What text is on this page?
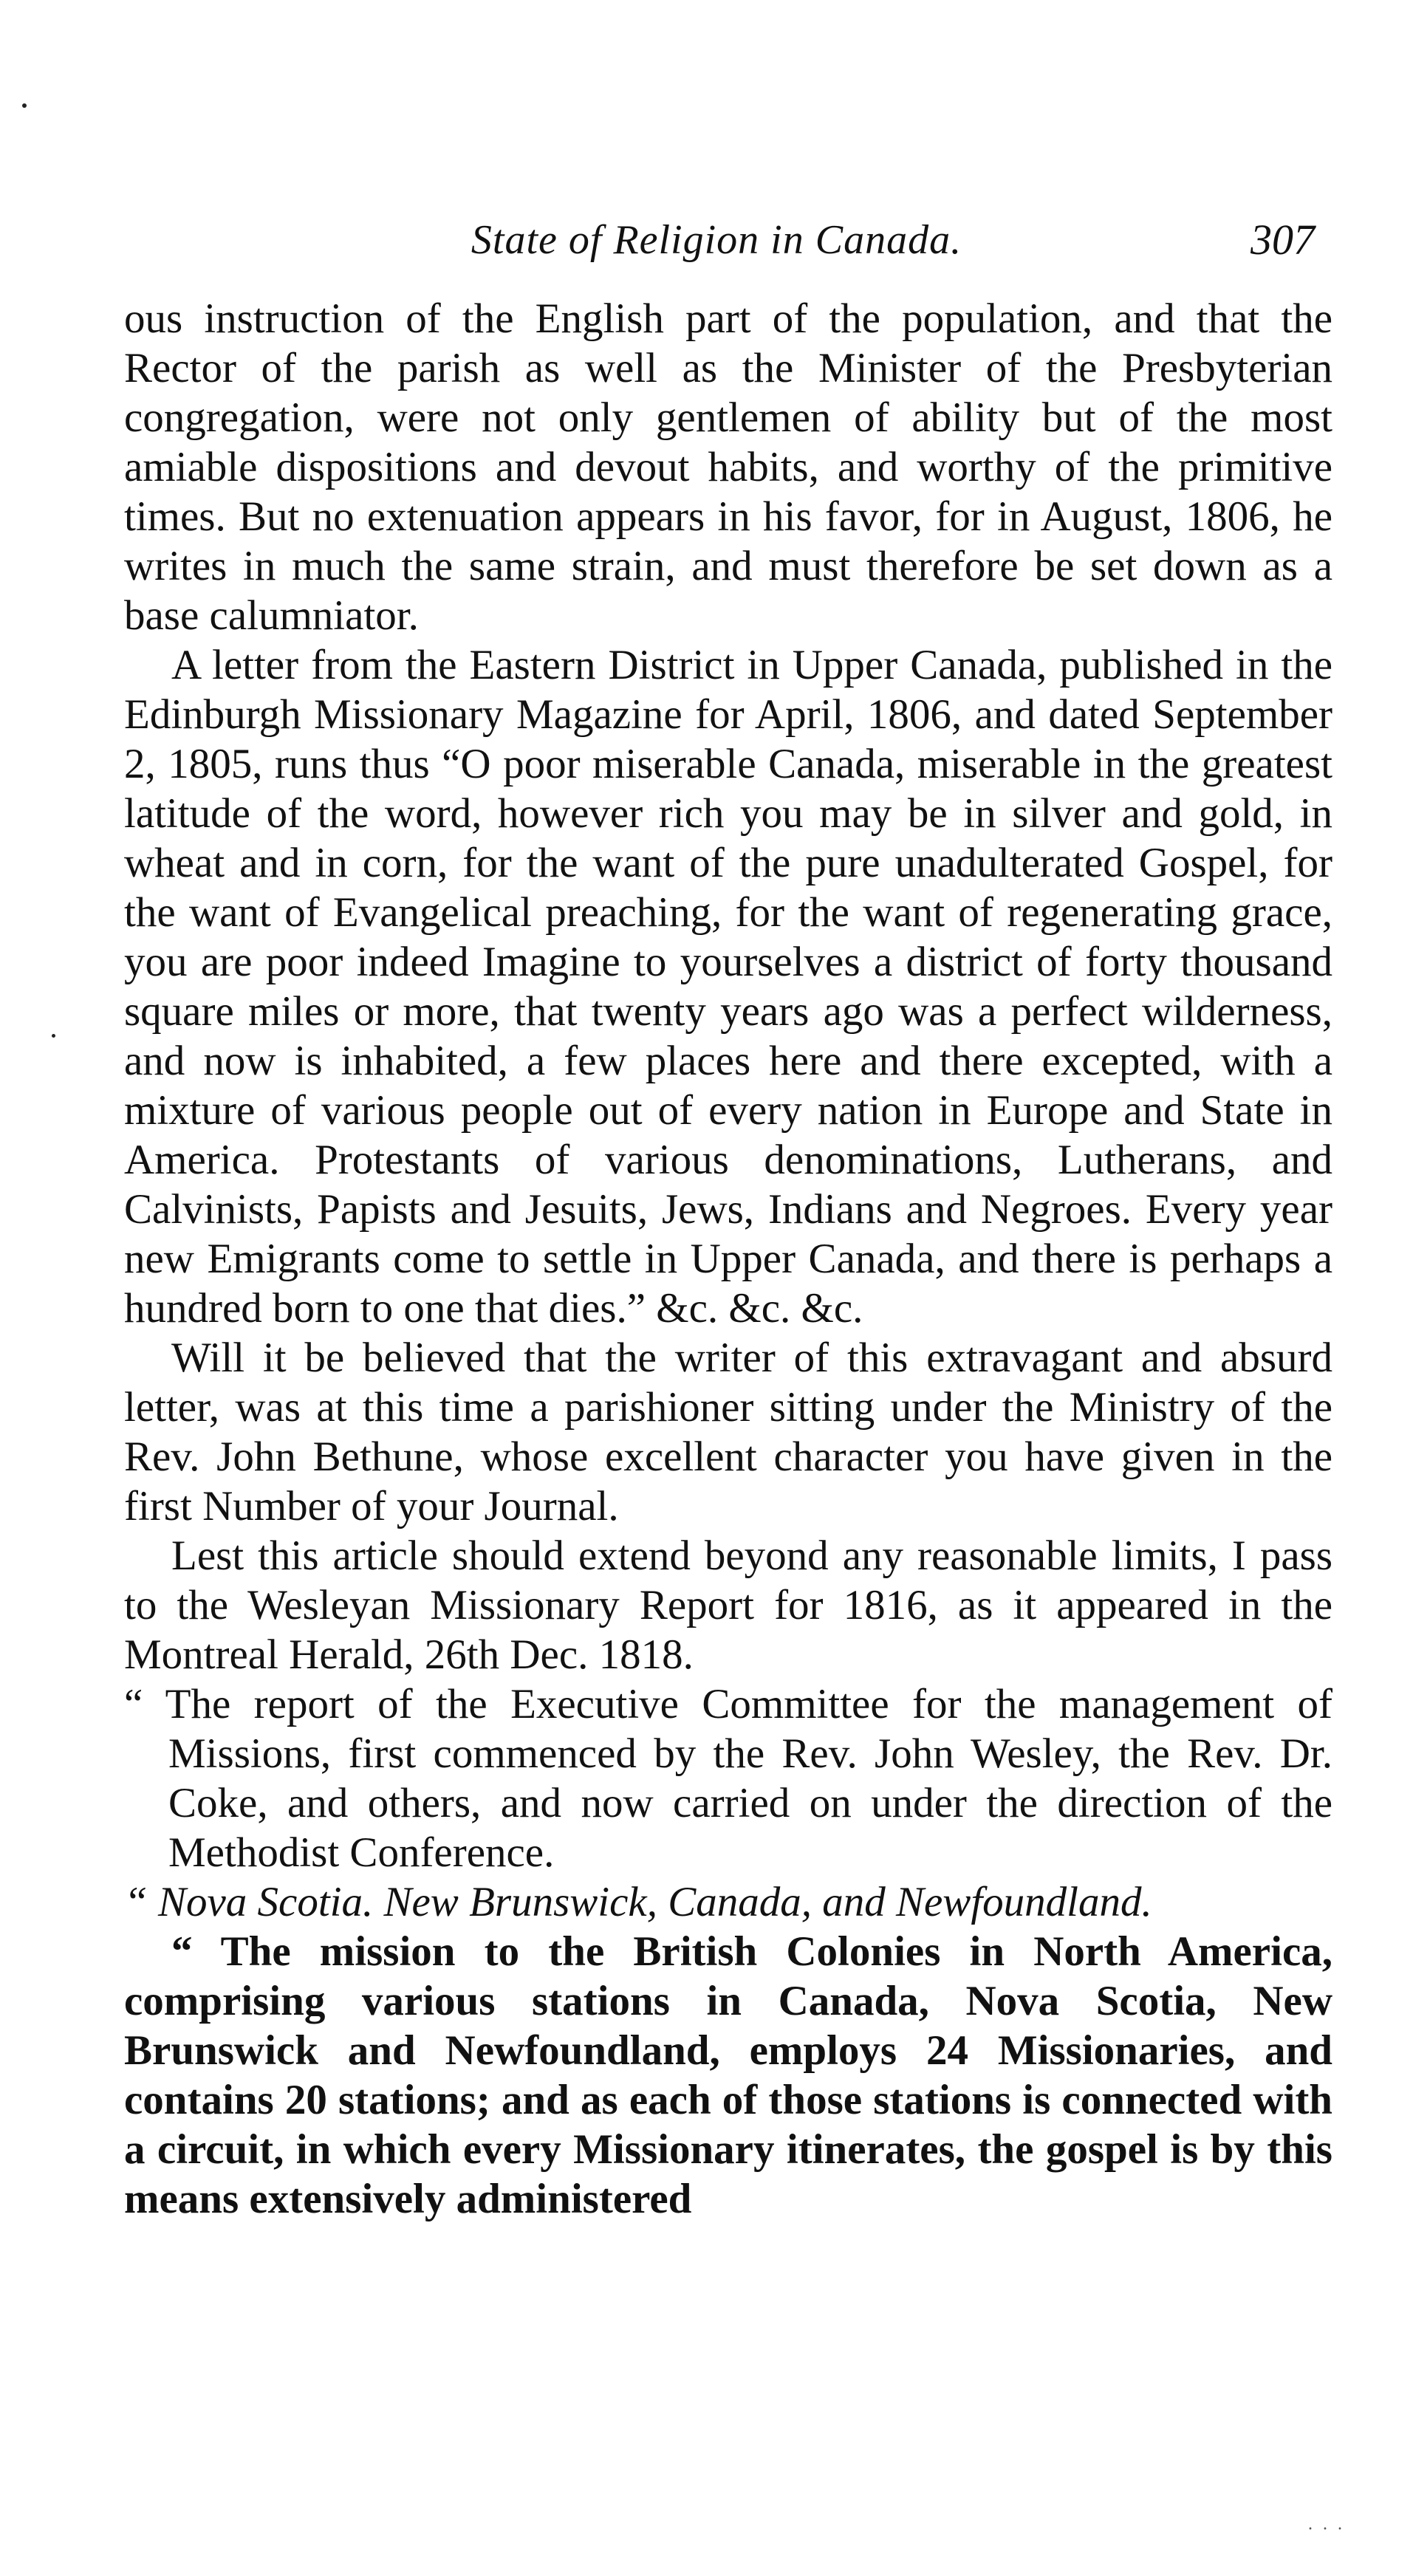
State of Religion in Canada.	307

ous instruction of the English part of the population, and that the Rector of the parish as well as the Minister of the Presbyterian congregation, were not only gentlemen of ability but of the most amiable dispositions and devout habits, and worthy of the primitive times. But no extenuation appears in his favor, for in August, 1806, he writes in much the same strain, and must therefore be set down as a base calumniator.

A letter from the Eastern District in Upper Canada, published in the Edinburgh Missionary Magazine for April, 1806, and dated September 2, 1805, runs thus “O poor miserable Canada, miserable in the greatest latitude of the word, however rich you may be in silver and gold, in wheat and in corn, for the want of the pure unadulterated Gospel, for the want of Evangelical preaching, for the want of regenerating grace, you are poor indeed Imagine to yourselves a district of forty thousand square miles or more, that twenty years ago was a perfect wilderness, and now is inhabited, a few places here and there excepted, with a mixture of various people out of every nation in Europe and State in America. Protestants of various denominations, Lutherans, and Calvinists, Papists and Jesuits, Jews, Indians and Negroes. Every year new Emigrants come to settle in Upper Canada, and there is perhaps a hundred born to one that dies.” &c. &c. &c.

Will it be believed that the writer of this extravagant and absurd letter, was at this time a parishioner sitting under the Ministry of the Rev. John Bethune, whose excellent character you have given in the first Number of your Journal.

Lest this article should extend beyond any reasonable limits, I pass to the Wesleyan Missionary Report for 1816, as it appeared in the Montreal Herald, 26th Dec. 1818.

“ The report of the Executive Committee for the management of Missions, first commenced by the Rev. John Wesley, the Rev. Dr. Coke, and others, and now carried on under the direction of the Methodist Conference.

“ Nova Scotia. New Brunswick, Canada, and Newfoundland.

“ The mission to the British Colonies in North America, comprising various stations in Canada, Nova Scotia, New Brunswick and Newfoundland, employs 24 Missionaries, and contains 20 stations; and as each of those stations is connected with a circuit, in which every Missionary itinerates, the gospel is by this means extensively administered

. . .
